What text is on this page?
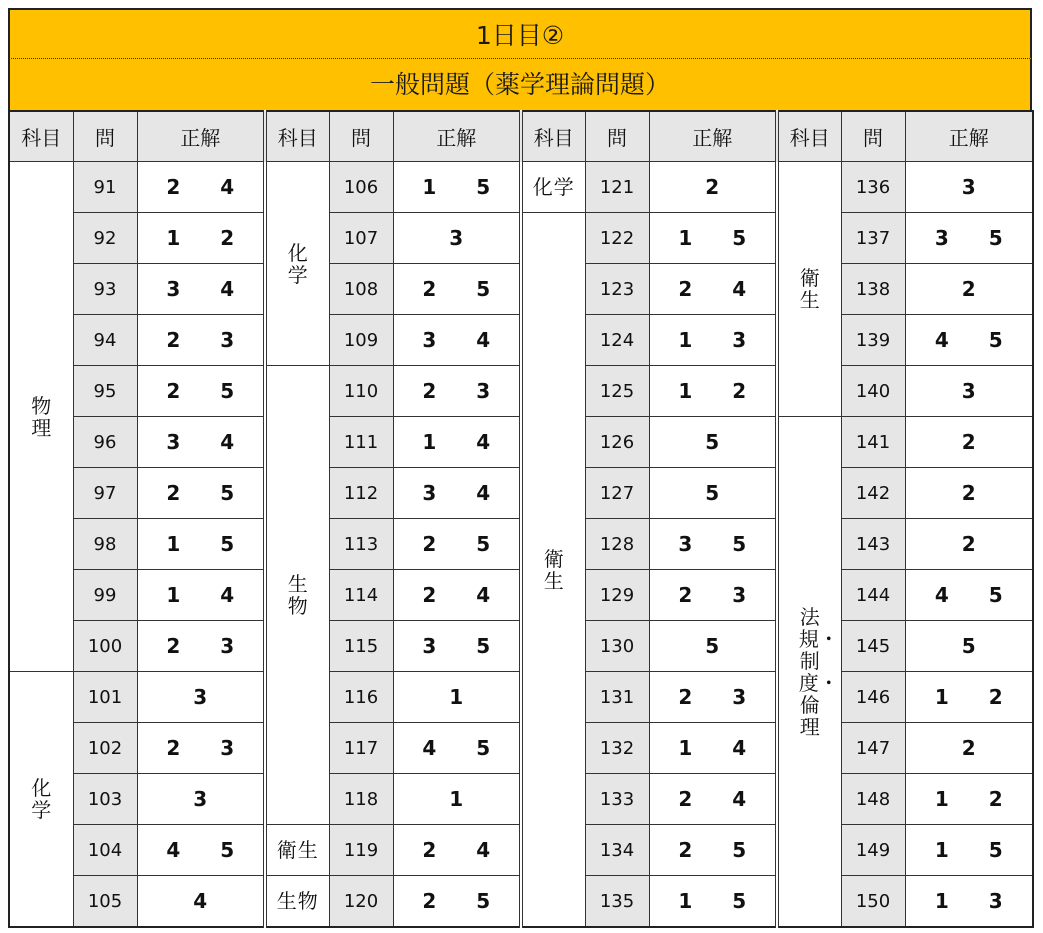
1日目②
一般問題（薬学理論問題）
科目	問	正解	科目	問	正解	科目	問	正解	科目	問	正解
物理	91	2 4	化学	106	1 5	化学	121	2	衛生	136	3

	92	1 2		107	3	衛生	122	1 5		137	3 5

	93	3 4		108	2 5		123	2 4		138	2

	94	2 3		109	3 4		124	1 3		139	4 5

	95	2 5	生物	110	2 3		125	1 2		140	3

	96	3 4		111	1 4		126	5	法規・制度・倫理	141	2

	97	2 5		112	3 4		127	5		142	2

	98	1 5		113	2 5		128	3 5		143	2

	99	1 4		114	2 4		129	2 3		144	4 5

	100	2 3		115	3 5		130	5		145	5

化学	101	3		116	1		131	2 3		146	1 2

	102	2 3		117	4 5		132	1 4		147	2

	103	3		118	1		133	2 4		148	1 2

	104	4 5	衛生	119	2 4		134	2 5		149	1 5

	105	4	生物	120	2 5		135	1 5		150	1 3
